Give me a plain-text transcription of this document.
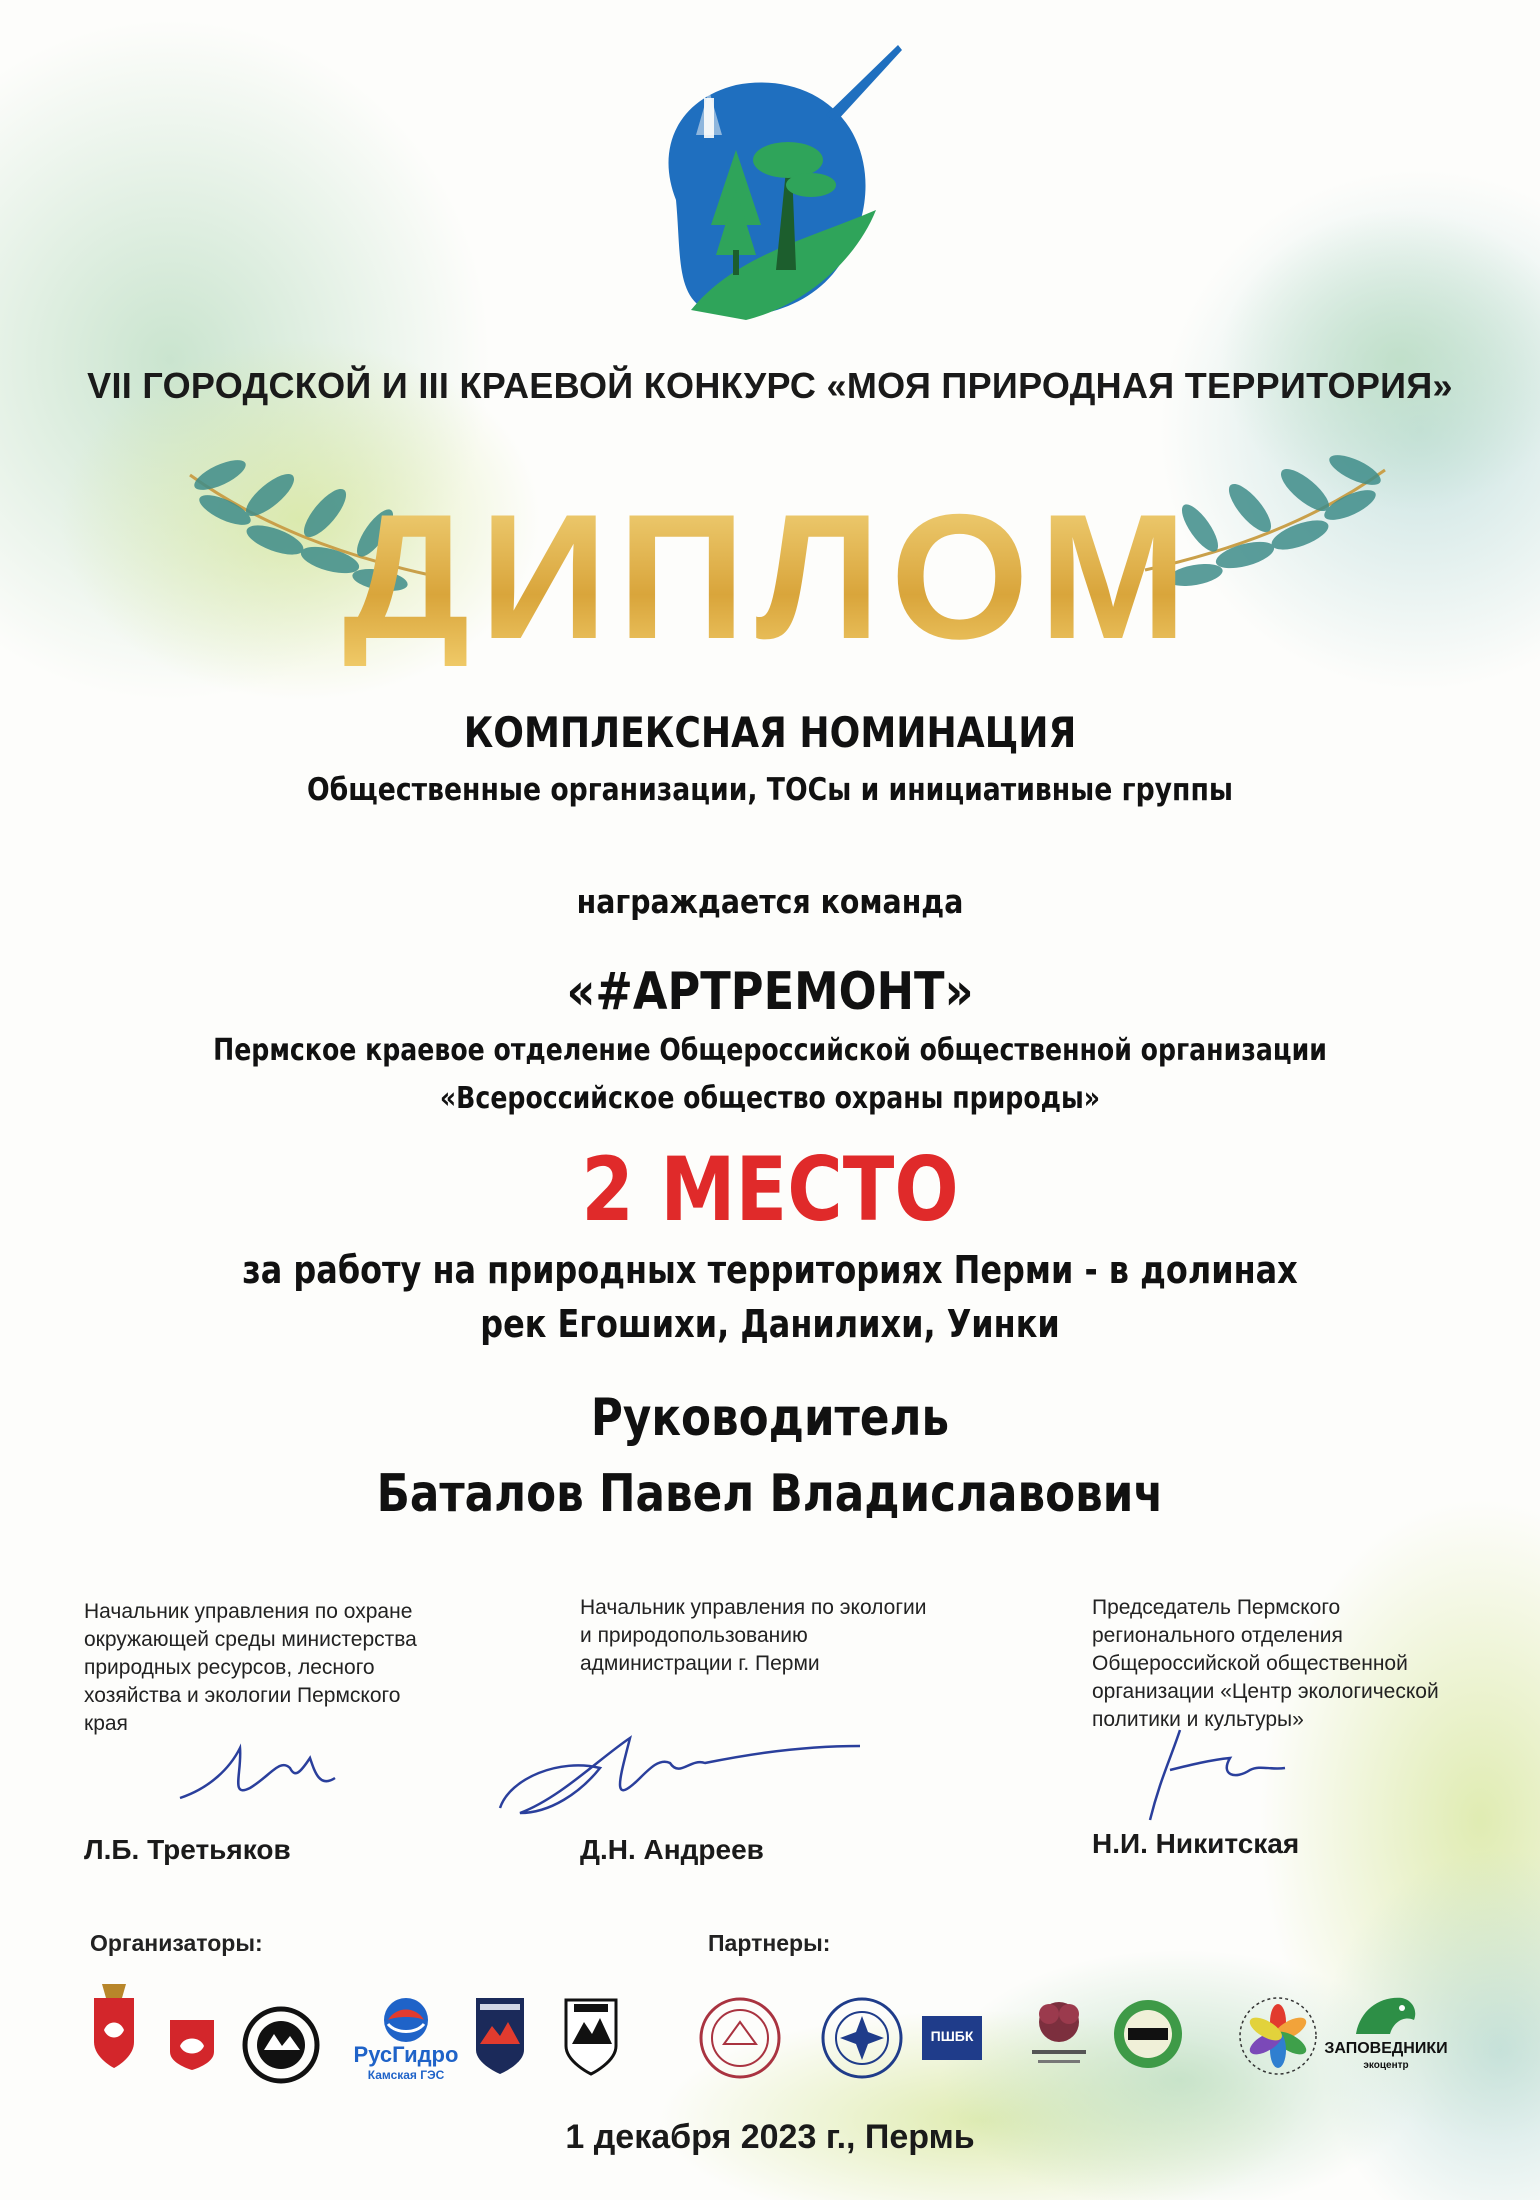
VII ГОРОДСКОЙ И III КРАЕВОЙ КОНКУРС «МОЯ ПРИРОДНАЯ ТЕРРИТОРИЯ»
ДИПЛОМ
КОМПЛЕКСНАЯ НОМИНАЦИЯ
Общественные организации, ТОСы и инициативные группы
награждается команда
«#АРТРЕМОНТ»
Пермское краевое отделение Общероссийской общественной организации
«Всероссийское общество охраны природы»
2 МЕСТО
за работу на природных территориях Перми - в долинах
рек Егошихи, Данилихи, Уинки
Руководитель
Баталов Павел Владиславович
Начальник управления по охране
окружающей среды министерства
природных ресурсов, лесного
хозяйства и экологии Пермского
края
Л.Б. Третьяков
Начальник управления по экологии
и природопользованию
администрации г. Перми
Д.Н. Андреев
Председатель Пермского
регионального отделения
Общероссийской общественной
организации «Центр экологической
политики и культуры»
Н.И. Никитская
Организаторы:	Партнеры:
РусГидро
Камская ГЭС
ПШБК
ЗАПОВЕДНИКИ
экоцентр
1 декабря 2023 г., Пермь
